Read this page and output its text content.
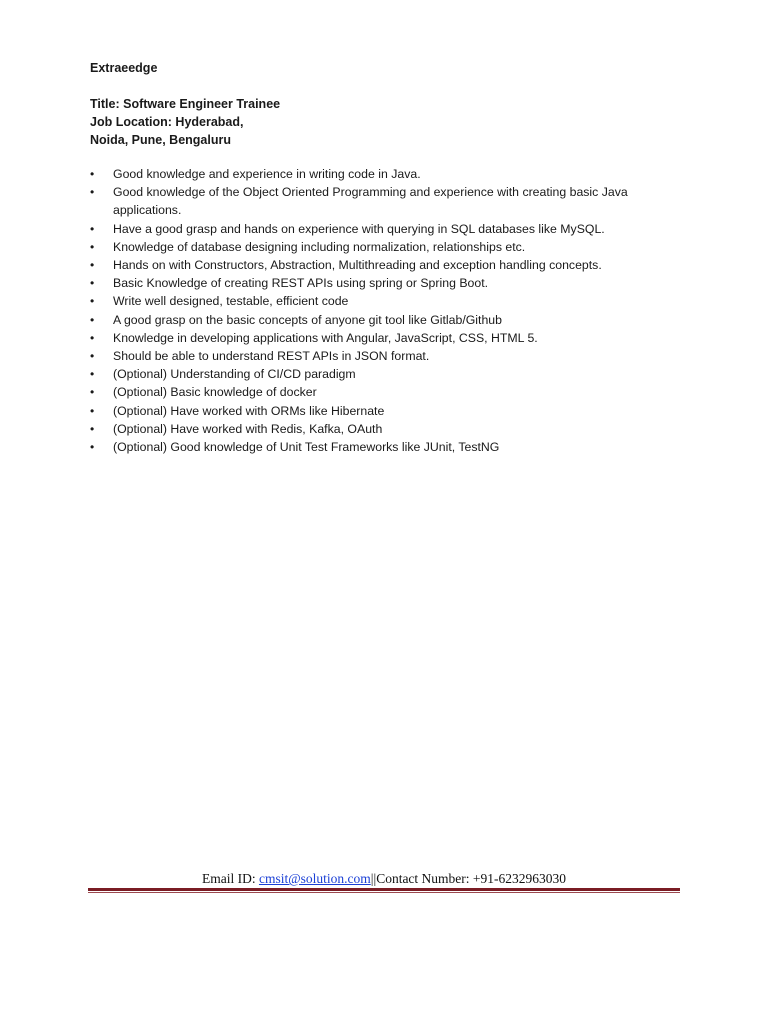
Extraeedge
Title: Software Engineer Trainee
Job Location: Hyderabad,
Noida, Pune, Bengaluru
• Good knowledge and experience in writing code in Java.
• Good knowledge of the Object Oriented Programming and experience with creating basic Java applications.
• Have a good grasp and hands on experience with querying in SQL databases like MySQL.
• Knowledge of database designing including normalization, relationships etc.
• Hands on with Constructors, Abstraction, Multithreading and exception handling concepts.
• Basic Knowledge of creating REST APIs using spring or Spring Boot.
• Write well designed, testable, efficient code
• A good grasp on the basic concepts of anyone git tool like Gitlab/Github
• Knowledge in developing applications with Angular, JavaScript, CSS, HTML 5.
• Should be able to understand REST APIs in JSON format.
• (Optional) Understanding of CI/CD paradigm
• (Optional) Basic knowledge of docker
• (Optional) Have worked with ORMs like Hibernate
• (Optional) Have worked with Redis, Kafka, OAuth
• (Optional) Good knowledge of Unit Test Frameworks like JUnit, TestNG
Email ID: cmsit@solution.com||Contact Number: +91-6232963030
